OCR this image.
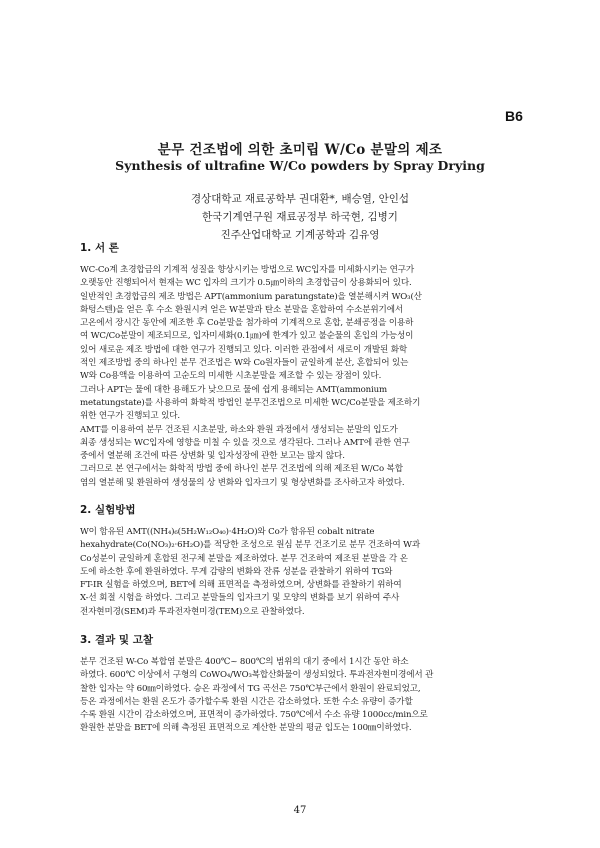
B6
분무 건조법에 의한 초미립 W/Co 분말의 제조
Synthesis of ultrafine W/Co powders by Spray Drying
경상대학교 재료공학부 권대환*, 배승열, 안인섭
한국기계연구원 재료공정부 하국현, 김병기
진주산업대학교 기계공학과 김유영
1. 서 론

WC-Co계 초경합금의 기계적 성질을 향상시키는 방법으로 WC입자를 미세화시키는 연구가

오랫동안 진행되어서 현재는 WC 입자의 크기가 0.5㎛이하의 초경합금이 상용화되어 있다.

일반적인 초경합금의 제조 방법은 APT(ammonium paratungstate)을 열분해시켜 WO₃(산

화텅스텐)을 얻은 후 수소 환원시켜 얻은 W분말과 탄소 분말을 혼합하여 수소분위기에서

고온에서 장시간 동안에 제조한 후 Co분말을 첨가하여 기계적으로 혼합, 분쇄공정을 이용하

여 WC/Co분말이 제조되므로, 입자미세화(0.1㎛)에 한계가 있고 불순물의 혼입의 가능성이

있어 새로운 제조 방법에 대한 연구가 진행되고 있다. 이러한 관점에서 새로이 개발된 화학

적인 제조방법 중의 하나인 분무 건조법은 W와 Co원자들이 균일하게 분산, 혼합되어 있는

W와 Co용액을 이용하여 고순도의 미세한 시초분말을 제조할 수 있는 장점이 있다.

그러나 APT는 물에 대한 용해도가 낮으므로 물에 쉽게 용해되는 AMT(ammonium

metatungstate)를 사용하여 화학적 방법인 분무건조법으로 미세한 WC/Co분말을 제조하기

위한 연구가 진행되고 있다.

AMT를 이용하여 분무 건조된 시초분말, 하소와 환원 과정에서 생성되는 분말의 입도가

최종 생성되는 WC입자에 영향을 미칠 수 있을 것으로 생각된다. 그러나 AMT에 관한 연구

중에서 열분해 조건에 따른 상변화 및 입자성장에 관한 보고는 많지 않다.

그러므로 본 연구에서는 화학적 방법 중에 하나인 분무 건조법에 의해 제조된 W/Co 복합

염의 열분해 및 환원하여 생성물의 상 변화와 입자크기 및 형상변화를 조사하고자 하였다.

2. 실험방법

W이 함유된 AMT((NH₄)₆(5H₂W₁₂O₄₀)·4H₂O)와 Co가 함유된 cobalt nitrate

hexahydrate(Co(NO₃)₂·6H₂O)를 적당한 조성으로 원심 분무 건조기로 분무 건조하여 W과

Co성분이 균일하게 혼합된 전구체 분말을 제조하였다. 분무 건조하여 제조된 분말을 각 온

도에 하소한 후에 환원하였다. 무게 감량의 변화와 잔류 성분을 관찰하기 위하여 TG와

FT-IR 실험을 하였으며, BET에 의해 표면적을 측정하였으며, 상변화를 관찰하기 위하여

X-선 회절 시험을 하였다. 그리고 분말들의 입자크기 및 모양의 변화를 보기 위하여 주사

전자현미경(SEM)과 투과전자현미경(TEM)으로 관찰하였다.

3. 결과 및 고찰

분무 건조된 W-Co 복합염 분말은 400℃~ 800℃의 범위의 대기 중에서 1시간 동안 하소

하였다. 600℃ 이상에서 구형의 CoWO₄/WO₃복합산화물이 생성되었다. 투과전자현미경에서 관

찰한 입자는 약 60㎚이하였다. 승온 과정에서 TG 곡선은 750℃부근에서 환원이 완료되었고,

등온 과정에서는 환원 온도가 증가할수록 환원 시간은 감소하였다. 또한 수소 유량이 증가할

수록 환원 시간이 감소하였으며, 표면적이 증가하였다. 750℃에서 수소 유량 1000cc/min으로

환원한 분말을 BET에 의해 측정된 표면적으로 계산한 분말의 평균 입도는 100㎚이하였다.

47
